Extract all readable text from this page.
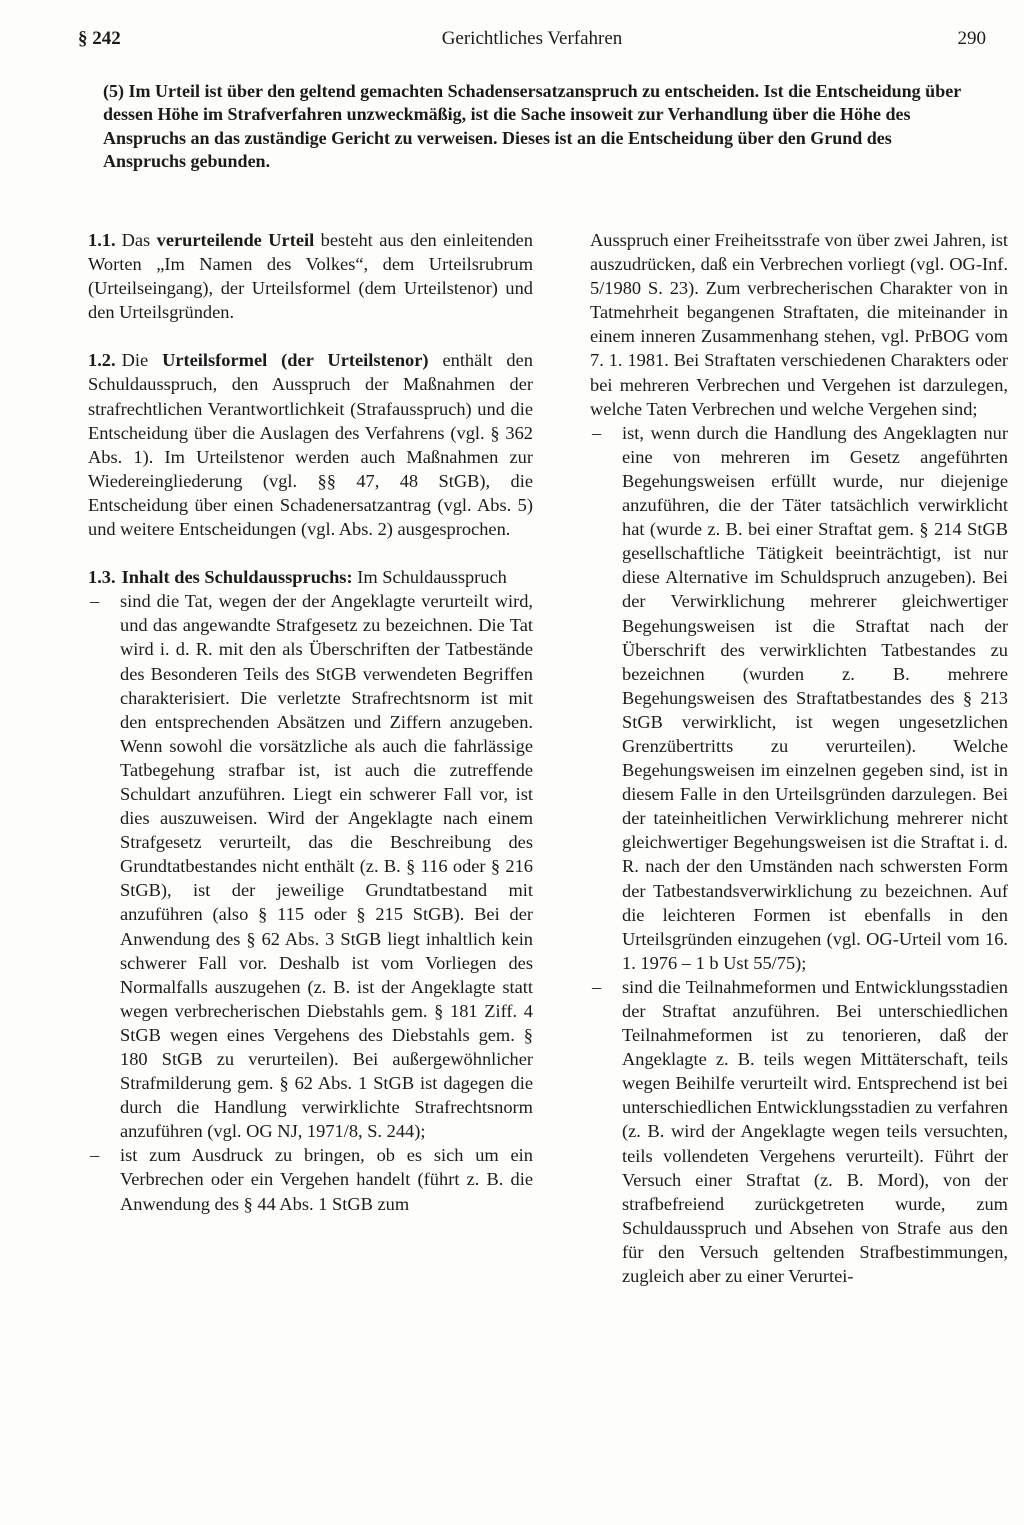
§ 242	Gerichtliches Verfahren	290
(5) Im Urteil ist über den geltend gemachten Schadensersatzanspruch zu entscheiden. Ist die Entscheidung über dessen Höhe im Strafverfahren unzweckmäßig, ist die Sache insoweit zur Verhandlung über die Höhe des Anspruchs an das zuständige Gericht zu verweisen. Dieses ist an die Entscheidung über den Grund des Anspruchs gebunden.

1.1. Das verurteilende Urteil besteht aus den einleitenden Worten „Im Namen des Volkes“, dem Urteilsrubrum (Urteilseingang), der Urteilsformel (dem Urteilstenor) und den Urteilsgründen.

1.2. Die Urteilsformel (der Urteilstenor) enthält den Schuldausspruch, den Ausspruch der Maßnahmen der strafrechtlichen Verantwortlichkeit (Strafausspruch) und die Entscheidung über die Auslagen des Verfahrens (vgl. § 362 Abs. 1). Im Urteilstenor werden auch Maßnahmen zur Wiedereingliederung (vgl. §§ 47, 48 StGB), die Entscheidung über einen Schadenersatzantrag (vgl. Abs. 5) und weitere Entscheidungen (vgl. Abs. 2) ausgesprochen.

1.3. Inhalt des Schuldausspruchs: Im Schuldausspruch

– sind die Tat, wegen der der Angeklagte verurteilt wird, und das angewandte Strafgesetz zu bezeichnen. Die Tat wird i. d. R. mit den als Überschriften der Tatbestände des Besonderen Teils des StGB verwendeten Begriffen charakterisiert. Die verletzte Strafrechtsnorm ist mit den entsprechenden Absätzen und Ziffern anzugeben. Wenn sowohl die vorsätzliche als auch die fahrlässige Tatbegehung strafbar ist, ist auch die zutreffende Schuldart anzuführen. Liegt ein schwerer Fall vor, ist dies auszuweisen. Wird der Angeklagte nach einem Strafgesetz verurteilt, das die Beschreibung des Grundtatbestandes nicht enthält (z. B. § 116 oder § 216 StGB), ist der jeweilige Grundtatbestand mit anzuführen (also § 115 oder § 215 StGB). Bei der Anwendung des § 62 Abs. 3 StGB liegt inhaltlich kein schwerer Fall vor. Deshalb ist vom Vorliegen des Normalfalls auszugehen (z. B. ist der Angeklagte statt wegen verbrecherischen Diebstahls gem. § 181 Ziff. 4 StGB wegen eines Vergehens des Diebstahls gem. § 180 StGB zu verurteilen). Bei außergewöhnlicher Strafmilderung gem. § 62 Abs. 1 StGB ist dagegen die durch die Handlung verwirklichte Strafrechtsnorm anzuführen (vgl. OG NJ, 1971/8, S. 244);
– ist zum Ausdruck zu bringen, ob es sich um ein Verbrechen oder ein Vergehen handelt (führt z. B. die Anwendung des § 44 Abs. 1 StGB zum

Ausspruch einer Freiheitsstrafe von über zwei Jahren, ist auszudrücken, daß ein Verbrechen vorliegt (vgl. OG-Inf. 5/1980 S. 23). Zum verbrecherischen Charakter von in Tatmehrheit begangenen Straftaten, die miteinander in einem inneren Zusammenhang stehen, vgl. PrBOG vom 7. 1. 1981. Bei Straftaten verschiedenen Charakters oder bei mehreren Verbrechen und Vergehen ist darzulegen, welche Taten Verbrechen und welche Vergehen sind;

– ist, wenn durch die Handlung des Angeklagten nur eine von mehreren im Gesetz angeführten Begehungsweisen erfüllt wurde, nur diejenige anzuführen, die der Täter tatsächlich verwirklicht hat (wurde z. B. bei einer Straftat gem. § 214 StGB gesellschaftliche Tätigkeit beeinträchtigt, ist nur diese Alternative im Schuldspruch anzugeben). Bei der Verwirklichung mehrerer gleichwertiger Begehungsweisen ist die Straftat nach der Überschrift des verwirklichten Tatbestandes zu bezeichnen (wurden z. B. mehrere Begehungsweisen des Straftatbestandes des § 213 StGB verwirklicht, ist wegen ungesetzlichen Grenzübertritts zu verurteilen). Welche Begehungsweisen im einzelnen gegeben sind, ist in diesem Falle in den Urteilsgründen darzulegen. Bei der tateinheitlichen Verwirklichung mehrerer nicht gleichwertiger Begehungsweisen ist die Straftat i. d. R. nach der den Umständen nach schwersten Form der Tatbestandsverwirklichung zu bezeichnen. Auf die leichteren Formen ist ebenfalls in den Urteilsgründen einzugehen (vgl. OG-Urteil vom 16. 1. 1976 – 1 b Ust 55/75);
– sind die Teilnahmeformen und Entwicklungsstadien der Straftat anzuführen. Bei unterschiedlichen Teilnahmeformen ist zu tenorieren, daß der Angeklagte z. B. teils wegen Mittäterschaft, teils wegen Beihilfe verurteilt wird. Entsprechend ist bei unterschiedlichen Entwicklungsstadien zu verfahren (z. B. wird der Angeklagte wegen teils versuchten, teils vollendeten Vergehens verurteilt). Führt der Versuch einer Straftat (z. B. Mord), von der strafbefreiend zurückgetreten wurde, zum Schuldausspruch und Absehen von Strafe aus den für den Versuch geltenden Strafbestimmungen, zugleich aber zu einer Verurtei-
